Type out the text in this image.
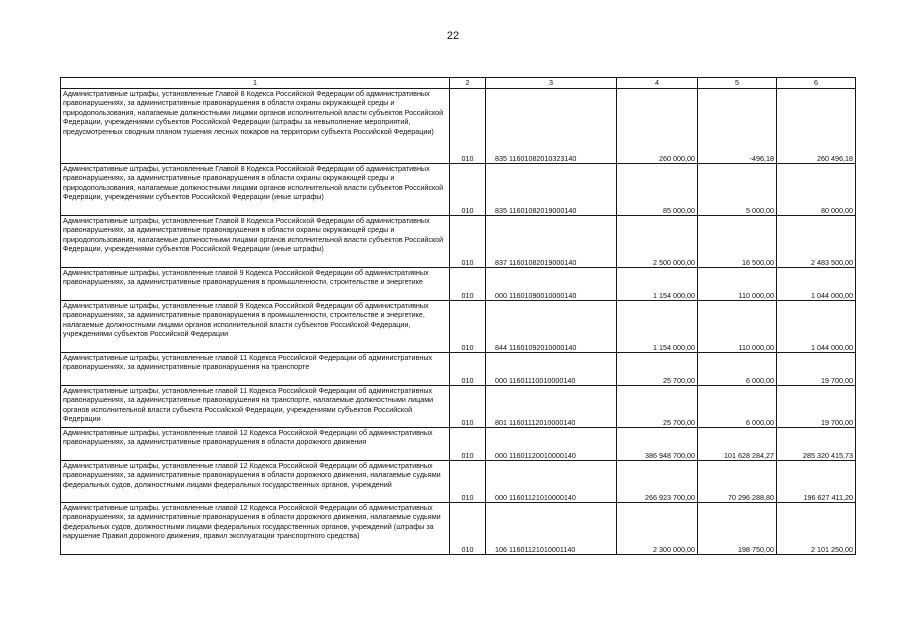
22
1	2	3	4	5	6
Административные штрафы, установленные Главой 8 Кодекса Российской Федерации об административных правонарушениях, за административные правонарушения в области охраны окружающей среды и природопользования, налагаемые должностными лицами органов исполнительной власти субъектов Российской Федерации, учреждениями субъектов Российской Федерации (штрафы за невыполнение мероприятий, предусмотренных сводным планом тушения лесных пожаров на территории субъекта Российской Федерации)	010	835 11601082010323140	260 000,00	-496,18	260 496,18
Административные штрафы, установленные Главой 8 Кодекса Российской Федерации об административных правонарушениях, за административные правонарушения в области охраны окружающей среды и природопользования, налагаемые должностными лицами органов исполнительной власти субъектов Российской Федерации, учреждениями субъектов Российской Федерации (иные штрафы)	010	835 11601082019000140	85 000,00	5 000,00	80 000,00
Административные штрафы, установленные Главой 8 Кодекса Российской Федерации об административных правонарушениях, за административные правонарушения в области охраны окружающей среды и природопользования, налагаемые должностными лицами органов исполнительной власти субъектов Российской Федерации, учреждениями субъектов Российской Федерации (иные штрафы)	010	837 11601082019000140	2 500 000,00	16 500,00	2 483 500,00
Административные штрафы, установленные главой 9 Кодекса Российской Федерации об административных правонарушениях, за административные правонарушения в промышленности, строительстве и энергетике	010	000 11601090010000140	1 154 000,00	110 000,00	1 044 000,00
Административные штрафы, установленные главой 9 Кодекса Российской Федерации об административных правонарушениях, за административные правонарушения в промышленности, строительстве и энергетике, налагаемые должностными лицами органов исполнительной власти субъектов Российской Федерации, учреждениями субъектов Российской Федерации	010	844 11601092010000140	1 154 000,00	110 000,00	1 044 000,00
Административные штрафы, установленные главой 11 Кодекса Российской Федерации об административных правонарушениях, за административные правонарушения на транспорте	010	000 11601110010000140	25 700,00	6 000,00	19 700,00
Административные штрафы, установленные главой 11 Кодекса Российской Федерации об административных правонарушениях, за административные правонарушения на транспорте, налагаемые должностными лицами органов исполнительной власти субъекта Российской Федерации, учреждениями субъектов Российской Федерации	010	801 11601112010000140	25 700,00	6 000,00	19 700,00
Административные штрафы, установленные главой 12 Кодекса Российской Федерации об административных правонарушениях, за административные правонарушения в области дорожного движения	010	000 11601120010000140	386 948 700,00	101 628 284,27	285 320 415,73
Административные штрафы, установленные главой 12 Кодекса Российской Федерации об административных правонарушениях, за административные правонарушения в области дорожного движения, налагаемые судьями федеральных судов, должностными лицами федеральных государственных органов, учреждений	010	000 11601121010000140	266 923 700,00	70 296 288,80	196 627 411,20
Административные штрафы, установленные главой 12 Кодекса Российской Федерации об административных правонарушениях, за административные правонарушения в области дорожного движения, налагаемые судьями федеральных судов, должностными лицами федеральных государственных органов, учреждений (штрафы за нарушение Правил дорожного движения, правил эксплуатации транспортного средства)	010	106 11601121010001140	2 300 000,00	198 750,00	2 101 250,00
